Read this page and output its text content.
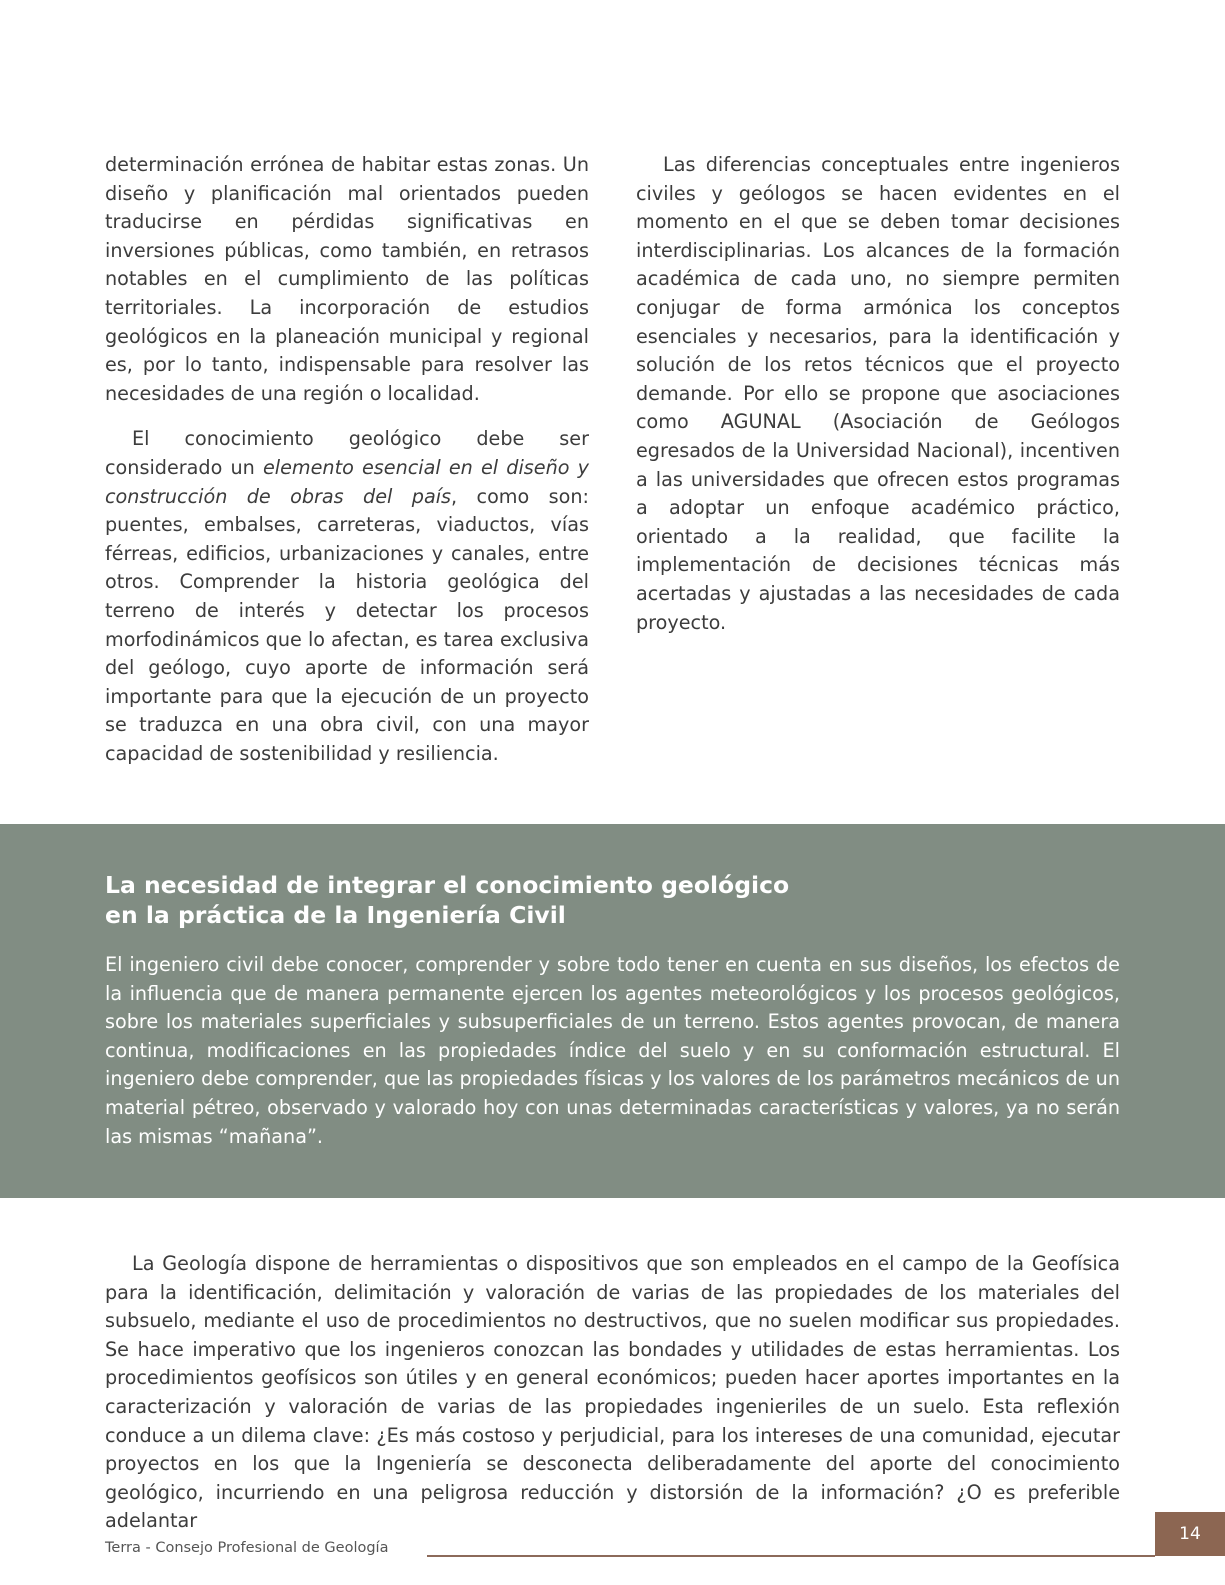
determinación errónea de habitar estas zonas. Un diseño y planificación mal orientados pueden traducirse en pérdidas significativas en inversiones públicas, como también, en retrasos notables en el cumplimiento de las políticas territoriales. La incorporación de estudios geológicos en la planeación municipal y regional es, por lo tanto, indispensable para resolver las necesidades de una región o localidad.

El conocimiento geológico debe ser considerado un elemento esencial en el diseño y construcción de obras del país, como son: puentes, embalses, carreteras, viaductos, vías férreas, edificios, urbanizaciones y canales, entre otros. Comprender la historia geológica del terreno de interés y detectar los procesos morfodinámicos que lo afectan, es tarea exclusiva del geólogo, cuyo aporte de información será importante para que la ejecución de un proyecto se traduzca en una obra civil, con una mayor capacidad de sostenibilidad y resiliencia.

Las diferencias conceptuales entre ingenieros civiles y geólogos se hacen evidentes en el momento en el que se deben tomar decisiones interdisciplinarias. Los alcances de la formación académica de cada uno, no siempre permiten conjugar de forma armónica los conceptos esenciales y necesarios, para la identificación y solución de los retos técnicos que el proyecto demande. Por ello se propone que asociaciones como AGUNAL (Asociación de Geólogos egresados de la Universidad Nacional), incentiven a las universidades que ofrecen estos programas a adoptar un enfoque académico práctico, orientado a la realidad, que facilite la implementación de decisiones técnicas más acertadas y ajustadas a las necesidades de cada proyecto.

La necesidad de integrar el conocimiento geológico
en la práctica de la Ingeniería Civil

El ingeniero civil debe conocer, comprender y sobre todo tener en cuenta en sus diseños, los efectos de la influencia que de manera permanente ejercen los agentes meteorológicos y los procesos geológicos, sobre los materiales superficiales y subsuperficiales de un terreno. Estos agentes provocan, de manera continua, modificaciones en las propiedades índice del suelo y en su conformación estructural. El ingeniero debe comprender, que las propiedades físicas y los valores de los parámetros mecánicos de un material pétreo, observado y valorado hoy con unas determinadas características y valores, ya no serán las mismas “mañana”.

La Geología dispone de herramientas o dispositivos que son empleados en el campo de la Geofísica para la identificación, delimitación y valoración de varias de las propiedades de los materiales del subsuelo, mediante el uso de procedimientos no destructivos, que no suelen modificar sus propiedades. Se hace imperativo que los ingenieros conozcan las bondades y utilidades de estas herramientas. Los procedimientos geofísicos son útiles y en general económicos; pueden hacer aportes importantes en la caracterización y valoración de varias de las propiedades ingenieriles de un suelo. Esta reflexión conduce a un dilema clave: ¿Es más costoso y perjudicial, para los intereses de una comunidad, ejecutar proyectos en los que la Ingeniería se desconecta deliberadamente del aporte del conocimiento geológico, incurriendo en una peligrosa reducción y distorsión de la información? ¿O es preferible adelantar

Terra - Consejo Profesional de Geología
14
